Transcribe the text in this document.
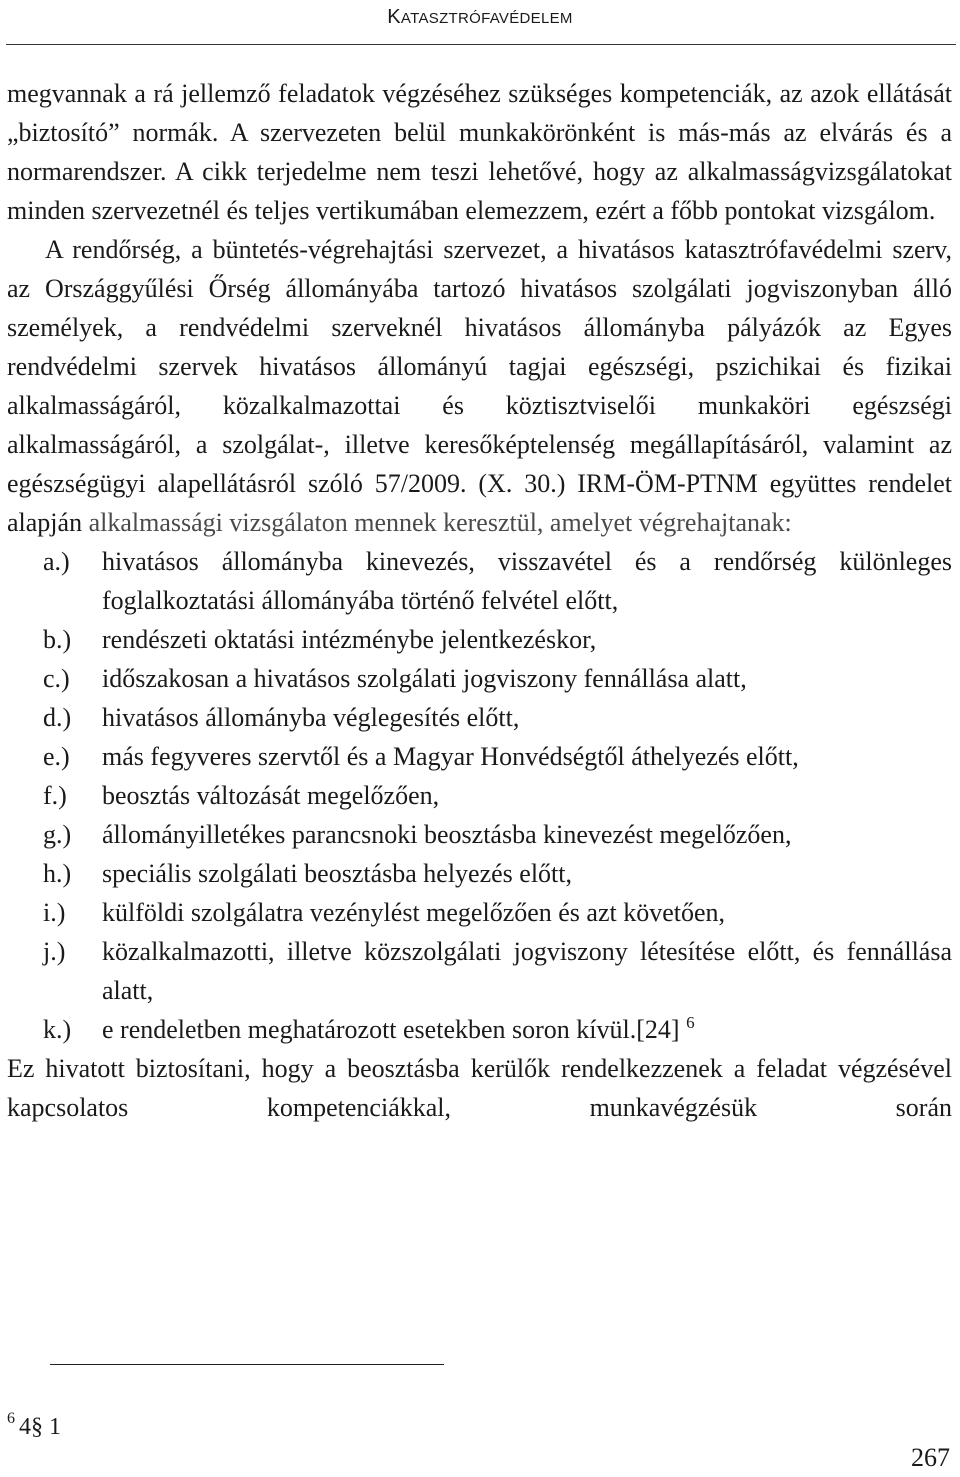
KATASZTRÓFAVÉDELEM

megvannak a rá jellemző feladatok végzéséhez szükséges kompetenciák, az azok ellátását „biztosító” normák. A szervezeten belül munkakörönként is más-más az elvárás és a normarendszer. A cikk terjedelme nem teszi lehetővé, hogy az alkalmasságvizsgálatokat minden szervezetnél és teljes vertikumában elemezzem, ezért a főbb pontokat vizsgálom.

A rendőrség, a büntetés-végrehajtási szervezet, a hivatásos katasztrófavédelmi szerv, az Országgyűlési Őrség állományába tartozó hivatásos szolgálati jogviszonyban álló személyek, a rendvédelmi szerveknél hivatásos állományba pályázók az Egyes rendvédelmi szervek hivatásos állományú tagjai egészségi, pszichikai és fizikai alkalmasságáról, közalkalmazottai és köztisztviselői munkaköri egészségi alkalmasságáról, a szolgálat-, illetve keresőképtelenség megállapításáról, valamint az egészségügyi alapellátásról szóló 57/2009. (X. 30.) IRM-ÖM-PTNM együttes rendelet alapján alkalmassági vizsgálaton mennek keresztül, amelyet végrehajtanak:

a.) hivatásos állományba kinevezés, visszavétel és a rendőrség különleges foglalkoztatási állományába történő felvétel előtt,
b.) rendészeti oktatási intézménybe jelentkezéskor,
c.) időszakosan a hivatásos szolgálati jogviszony fennállása alatt,
d.) hivatásos állományba véglegesítés előtt,
e.) más fegyveres szervtől és a Magyar Honvédségtől áthelyezés előtt,
f.) beosztás változását megelőzően,
g.) állományilletékes parancsnoki beosztásba kinevezést megelőzően,
h.) speciális szolgálati beosztásba helyezés előtt,
i.) külföldi szolgálatra vezénylést megelőzően és azt követően,
j.) közalkalmazotti, illetve közszolgálati jogviszony létesítése előtt, és fennállása alatt,
k.) e rendeletben meghatározott esetekben soron kívül.[24] $^6$

Ez hivatott biztosítani, hogy a beosztásba kerülők rendelkezzenek a feladat végzésével kapcsolatos kompetenciákkal, munkavégzésük során

$^6$ 4§ 1
267
